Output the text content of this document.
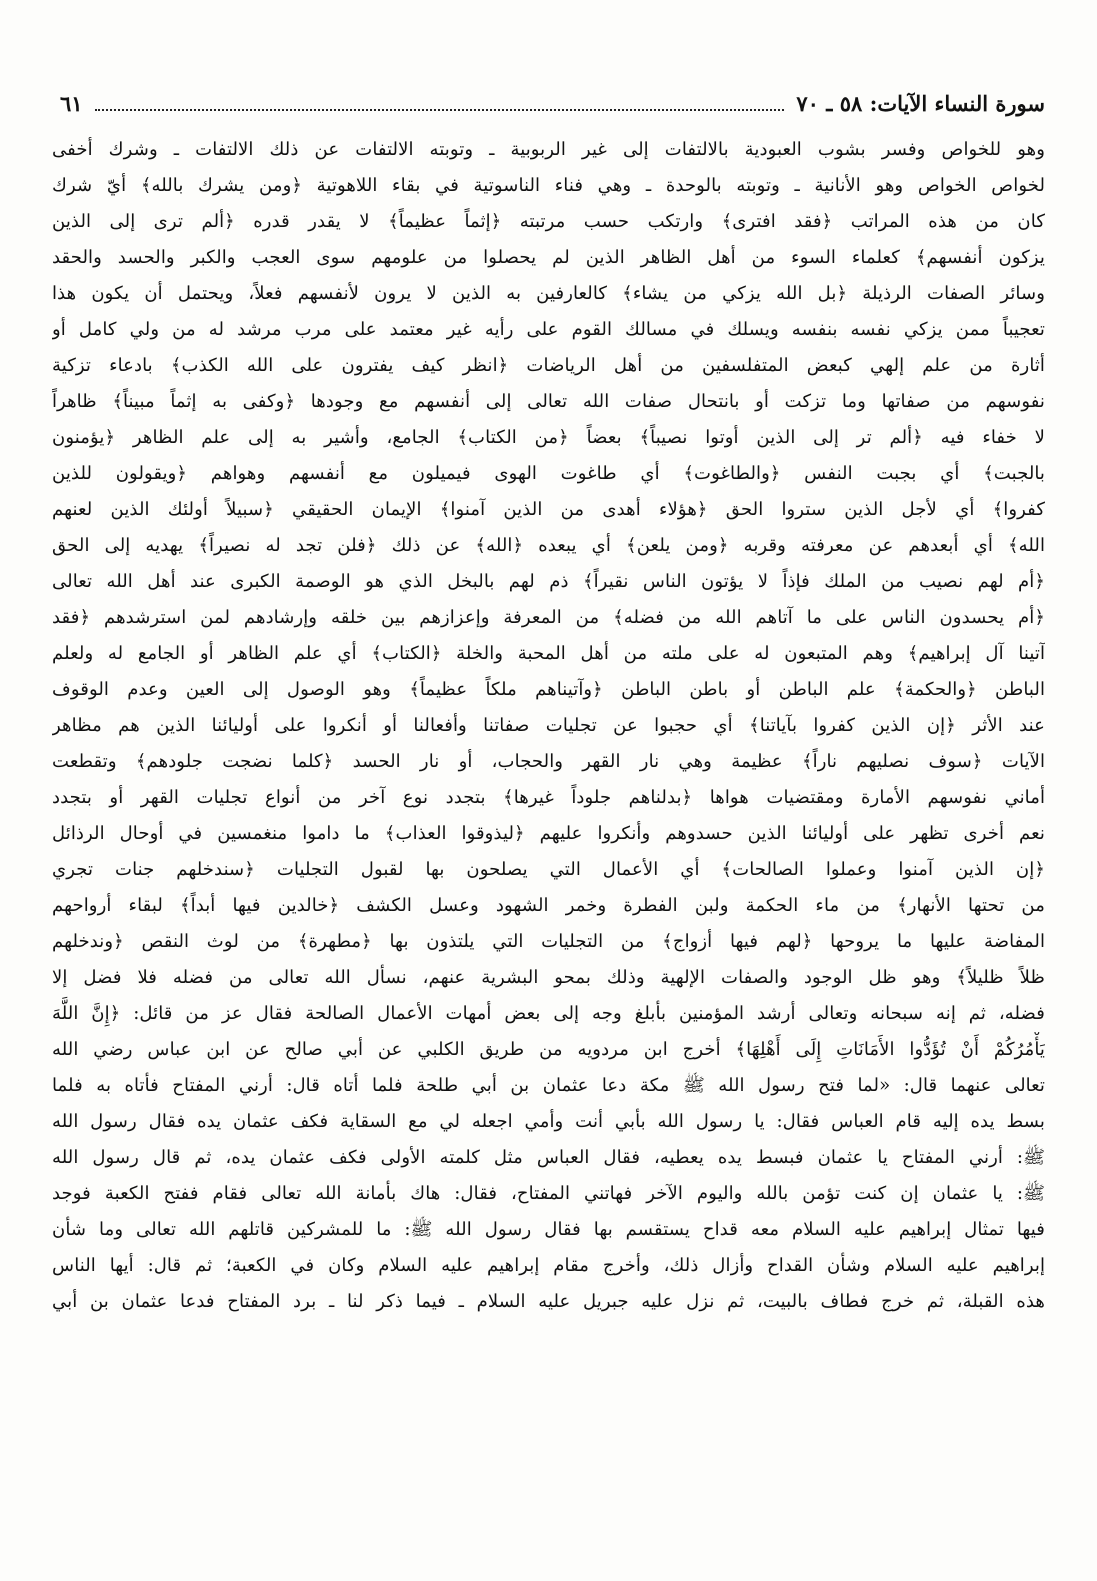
سورة النساء الآيات: ٥٨ ـ ٧٠
٦١
وهو للخواص وفسر بشوب العبودية بالالتفات إلى غير الربوبية ـ وتوبته الالتفات عن ذلك الالتفات ـ وشرك أخفى
لخواص الخواص وهو الأنانية ـ وتوبته بالوحدة ـ وهي فناء الناسوتية في بقاء اللاهوتية ﴿ومن يشرك بالله﴾ أيّ شرك
كان من هذه المراتب ﴿فقد افترى﴾ وارتكب حسب مرتبته ﴿إثماً عظيماً﴾ لا يقدر قدره ﴿ألم ترى إلى الذين
يزكون أنفسهم﴾ كعلماء السوء من أهل الظاهر الذين لم يحصلوا من علومهم سوى العجب والكبر والحسد والحقد
وسائر الصفات الرذيلة ﴿بل الله يزكي من يشاء﴾ كالعارفين به الذين لا يرون لأنفسهم فعلاً، ويحتمل أن يكون هذا
تعجيباً ممن يزكي نفسه بنفسه ويسلك في مسالك القوم على رأيه غير معتمد على مرب مرشد له من ولي كامل أو
أثارة من علم إلهي كبعض المتفلسفين من أهل الرياضات ﴿انظر كيف يفترون على الله الكذب﴾ بادعاء تزكية
نفوسهم من صفاتها وما تزكت أو بانتحال صفات الله تعالى إلى أنفسهم مع وجودها ﴿وكفى به إثماً مبيناً﴾ ظاهراً
لا خفاء فيه ﴿ألم تر إلى الذين أوتوا نصيباً﴾ بعضاً ﴿من الكتاب﴾ الجامع، وأشير به إلى علم الظاهر ﴿يؤمنون
بالجبت﴾ أي بجبت النفس ﴿والطاغوت﴾ أي طاغوت الهوى فيميلون مع أنفسهم وهواهم ﴿ويقولون للذين
كفروا﴾ أي لأجل الذين ستروا الحق ﴿هؤلاء أهدى من الذين آمنوا﴾ الإيمان الحقيقي ﴿سبيلاً أولئك الذين لعنهم
الله﴾ أي أبعدهم عن معرفته وقربه ﴿ومن يلعن﴾ أي يبعده ﴿الله﴾ عن ذلك ﴿فلن تجد له نصيراً﴾ يهديه إلى الحق
﴿أم لهم نصيب من الملك فإذاً لا يؤتون الناس نقيراً﴾ ذم لهم بالبخل الذي هو الوصمة الكبرى عند أهل الله تعالى
﴿أم يحسدون الناس على ما آتاهم الله من فضله﴾ من المعرفة وإعزازهم بين خلقه وإرشادهم لمن استرشدهم ﴿فقد
آتينا آل إبراهيم﴾ وهم المتبعون له على ملته من أهل المحبة والخلة ﴿الكتاب﴾ أي علم الظاهر أو الجامع له ولعلم
الباطن ﴿والحكمة﴾ علم الباطن أو باطن الباطن ﴿وآتيناهم ملكاً عظيماً﴾ وهو الوصول إلى العين وعدم الوقوف
عند الأثر ﴿إن الذين كفروا بآياتنا﴾ أي حجبوا عن تجليات صفاتنا وأفعالنا أو أنكروا على أوليائنا الذين هم مظاهر
الآيات ﴿سوف نصليهم ناراً﴾ عظيمة وهي نار القهر والحجاب، أو نار الحسد ﴿كلما نضجت جلودهم﴾ وتقطعت
أماني نفوسهم الأمارة ومقتضيات هواها ﴿بدلناهم جلوداً غيرها﴾ بتجدد نوع آخر من أنواع تجليات القهر أو بتجدد
نعم أخرى تظهر على أوليائنا الذين حسدوهم وأنكروا عليهم ﴿ليذوقوا العذاب﴾ ما داموا منغمسين في أوحال الرذائل
﴿إن الذين آمنوا وعملوا الصالحات﴾ أي الأعمال التي يصلحون بها لقبول التجليات ﴿سندخلهم جنات تجري
من تحتها الأنهار﴾ من ماء الحكمة ولبن الفطرة وخمر الشهود وعسل الكشف ﴿خالدين فيها أبداً﴾ لبقاء أرواحهم
المفاضة عليها ما يروحها ﴿لهم فيها أزواج﴾ من التجليات التي يلتذون بها ﴿مطهرة﴾ من لوث النقص ﴿وندخلهم
ظلاً ظليلاً﴾ وهو ظل الوجود والصفات الإلهية وذلك بمحو البشرية عنهم، نسأل الله تعالى من فضله فلا فضل إلا
فضله، ثم إنه سبحانه وتعالى أرشد المؤمنين بأبلغ وجه إلى بعض أمهات الأعمال الصالحة فقال عز من قائل: ﴿إِنَّ اللَّهَ
يَأْمُرُكُمْ أَنْ تُؤَدُّوا الأَمَانَاتِ إِلَى أَهْلِهَا﴾ أخرج ابن مردويه من طريق الكلبي عن أبي صالح عن ابن عباس رضي الله
تعالى عنهما قال: «لما فتح رسول الله ﷺ مكة دعا عثمان بن أبي طلحة فلما أتاه قال: أرني المفتاح فأتاه به فلما
بسط يده إليه قام العباس فقال: يا رسول الله بأبي أنت وأمي اجعله لي مع السقاية فكف عثمان يده فقال رسول الله
ﷺ: أرني المفتاح يا عثمان فبسط يده يعطيه، فقال العباس مثل كلمته الأولى فكف عثمان يده، ثم قال رسول الله
ﷺ: يا عثمان إن كنت تؤمن بالله واليوم الآخر فهاتني المفتاح، فقال: هاك بأمانة الله تعالى فقام ففتح الكعبة فوجد
فيها تمثال إبراهيم عليه السلام معه قداح يستقسم بها فقال رسول الله ﷺ: ما للمشركين قاتلهم الله تعالى وما شأن
إبراهيم عليه السلام وشأن القداح وأزال ذلك، وأخرج مقام إبراهيم عليه السلام وكان في الكعبة؛ ثم قال: أيها الناس
هذه القبلة، ثم خرج فطاف بالبيت، ثم نزل عليه جبريل عليه السلام ـ فيما ذكر لنا ـ برد المفتاح فدعا عثمان بن أبي
